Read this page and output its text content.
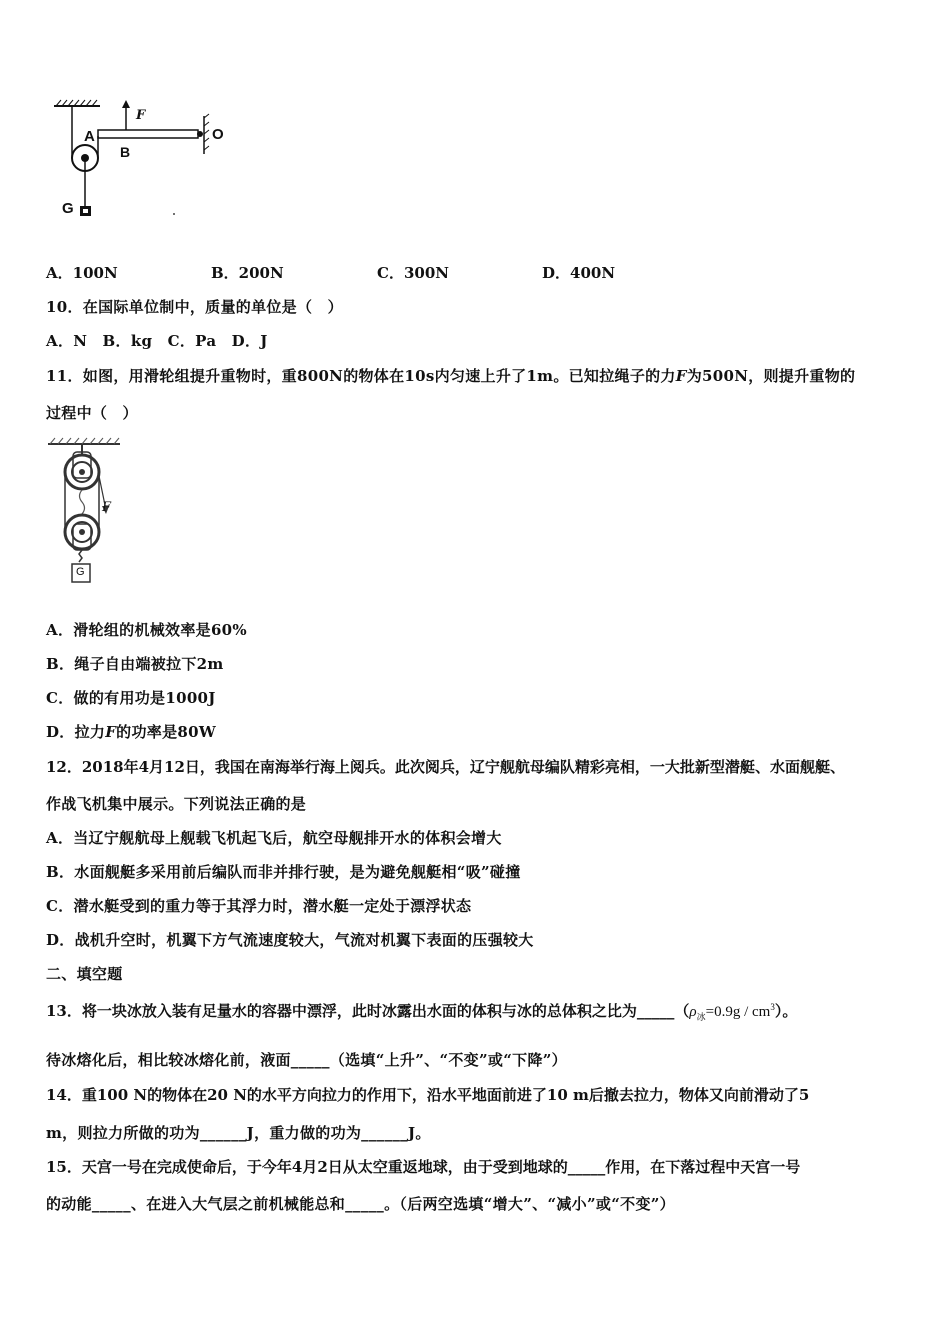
A
B
F
O
G
A．100N	B．200N	C．300N	D．400N
10．在国际单位制中，质量的单位是（　）
A．N　B．kg　C．Pa　D．J
11．如图，用滑轮组提升重物时，重800N的物体在10s内匀速上升了1m。已知拉绳子的力F为500N，则提升重物的
过程中（　）
F
G
A．滑轮组的机械效率是60%
B．绳子自由端被拉下2m
C．做的有用功是1000J
D．拉力F的功率是80W
12．2018年4月12日，我国在南海举行海上阅兵。此次阅兵，辽宁舰航母编队精彩亮相，一大批新型潜艇、水面舰艇、
作战飞机集中展示。下列说法正确的是
A．当辽宁舰航母上舰载飞机起飞后，航空母舰排开水的体积会增大
B．水面舰艇多采用前后编队而非并排行驶，是为避免舰艇相“吸”碰撞
C．潜水艇受到的重力等于其浮力时，潜水艇一定处于漂浮状态
D．战机升空时，机翼下方气流速度较大，气流对机翼下表面的压强较大
二、填空题
13．将一块冰放入装有足量水的容器中漂浮，此时冰露出水面的体积与冰的总体积之比为$\_\_\_\_\_(\rho_冰=0.9g / cm^3)$。
待冰熔化后，相比较冰熔化前，液面_____（选填“上升”、“不变”或“下降”）
14．重100 N的物体在20 N的水平方向拉力的作用下，沿水平地面前进了10 m后撤去拉力，物体又向前滑动了5
m，则拉力所做的功为______J，重力做的功为______J。
15．天宫一号在完成使命后，于今年4月2日从太空重返地球，由于受到地球的_____作用，在下落过程中天宫一号
的动能_____、在进入大气层之前机械能总和_____。（后两空选填“增大”、“减小”或“不变”）
